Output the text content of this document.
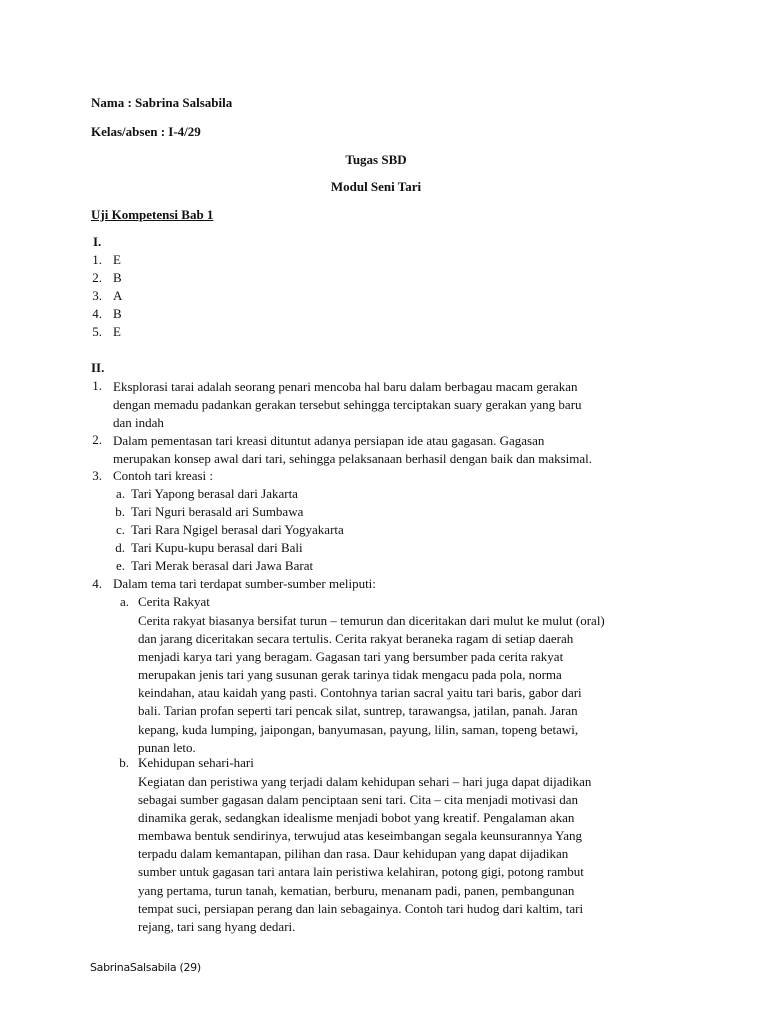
Nama : Sabrina Salsabila
Kelas/absen : I-4/29
Tugas SBD
Modul Seni Tari
Uji Kompetensi Bab 1
I.
1. E
2. B
3. A
4. B
5. E
II.
1. Eksplorasi tarai adalah seorang penari mencoba hal baru dalam berbagau macam gerakan
dengan memadu padankan gerakan tersebut sehingga terciptakan suary gerakan yang baru
dan indah
2. Dalam pementasan tari kreasi dituntut adanya persiapan ide atau gagasan. Gagasan
merupakan konsep awal dari tari, sehingga pelaksanaan berhasil dengan baik dan maksimal.
3. Contoh tari kreasi :
a. Tari Yapong berasal dari Jakarta
b. Tari Nguri berasald ari Sumbawa
c. Tari Rara Ngigel berasal dari Yogyakarta
d. Tari Kupu-kupu berasal dari Bali
e. Tari Merak berasal dari Jawa Barat
4. Dalam tema tari terdapat sumber-sumber meliputi:
a. Cerita Rakyat
Cerita rakyat biasanya bersifat turun – temurun dan diceritakan dari mulut ke mulut (oral)
dan jarang diceritakan secara tertulis. Cerita rakyat beraneka ragam di setiap daerah
menjadi karya tari yang beragam. Gagasan tari yang bersumber pada cerita rakyat
merupakan jenis tari yang susunan gerak tarinya tidak mengacu pada pola, norma
keindahan, atau kaidah yang pasti. Contohnya tarian sacral yaitu tari baris, gabor dari
bali. Tarian profan seperti tari pencak silat, suntrep, tarawangsa, jatilan, panah. Jaran
kepang, kuda lumping, jaipongan, banyumasan, payung, lilin, saman, topeng betawi,
punan leto.
b. Kehidupan sehari-hari
Kegiatan dan peristiwa yang terjadi dalam kehidupan sehari – hari juga dapat dijadikan
sebagai sumber gagasan dalam penciptaan seni tari. Cita – cita menjadi motivasi dan
dinamika gerak, sedangkan idealisme menjadi bobot yang kreatif. Pengalaman akan
membawa bentuk sendirinya, terwujud atas keseimbangan segala keunsurannya Yang
terpadu dalam kemantapan, pilihan dan rasa. Daur kehidupan yang dapat dijadikan
sumber untuk gagasan tari antara lain peristiwa kelahiran, potong gigi, potong rambut
yang pertama, turun tanah, kematian, berburu, menanam padi, panen, pembangunan
tempat suci, persiapan perang dan lain sebagainya. Contoh tari hudog dari kaltim, tari
rejang, tari sang hyang dedari.
SabrinaSalsabila (29)
